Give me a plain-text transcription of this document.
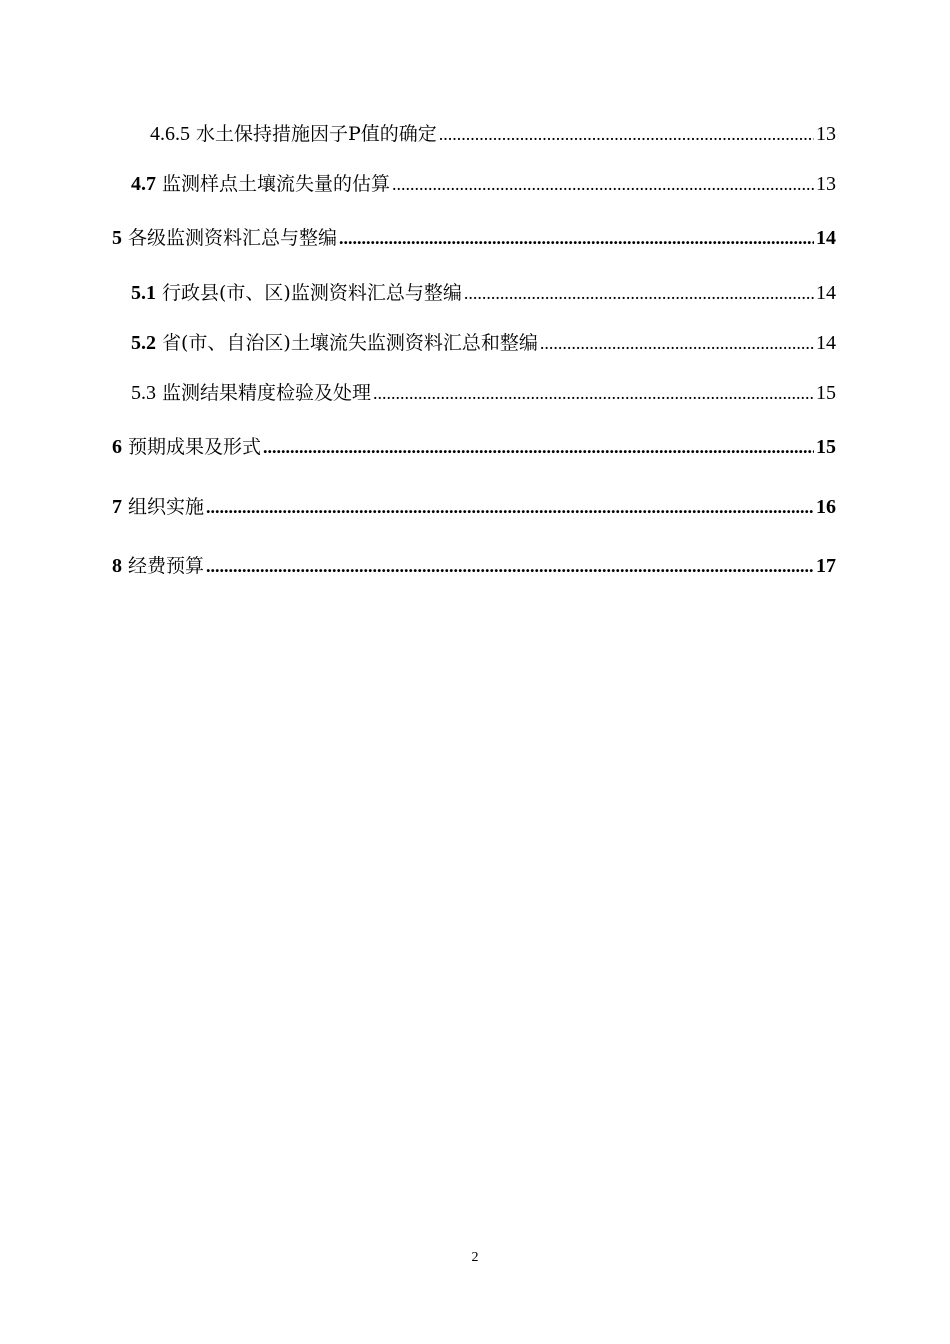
4.6.5 水土保持措施因子P值的确定 .....	13
4.7 监测样点土壤流失量的估算 .....	13
5 各级监测资料汇总与整编 .....	14
5.1 行政县(市、区)监测资料汇总与整编 .....	14
5.2 省(市、自治区)土壤流失监测资料汇总和整编 .....	14
5.3 监测结果精度检验及处理 .....	15
6 预期成果及形式 .....	15
7 组织实施 .....	16
8 经费预算 .....	17
2
